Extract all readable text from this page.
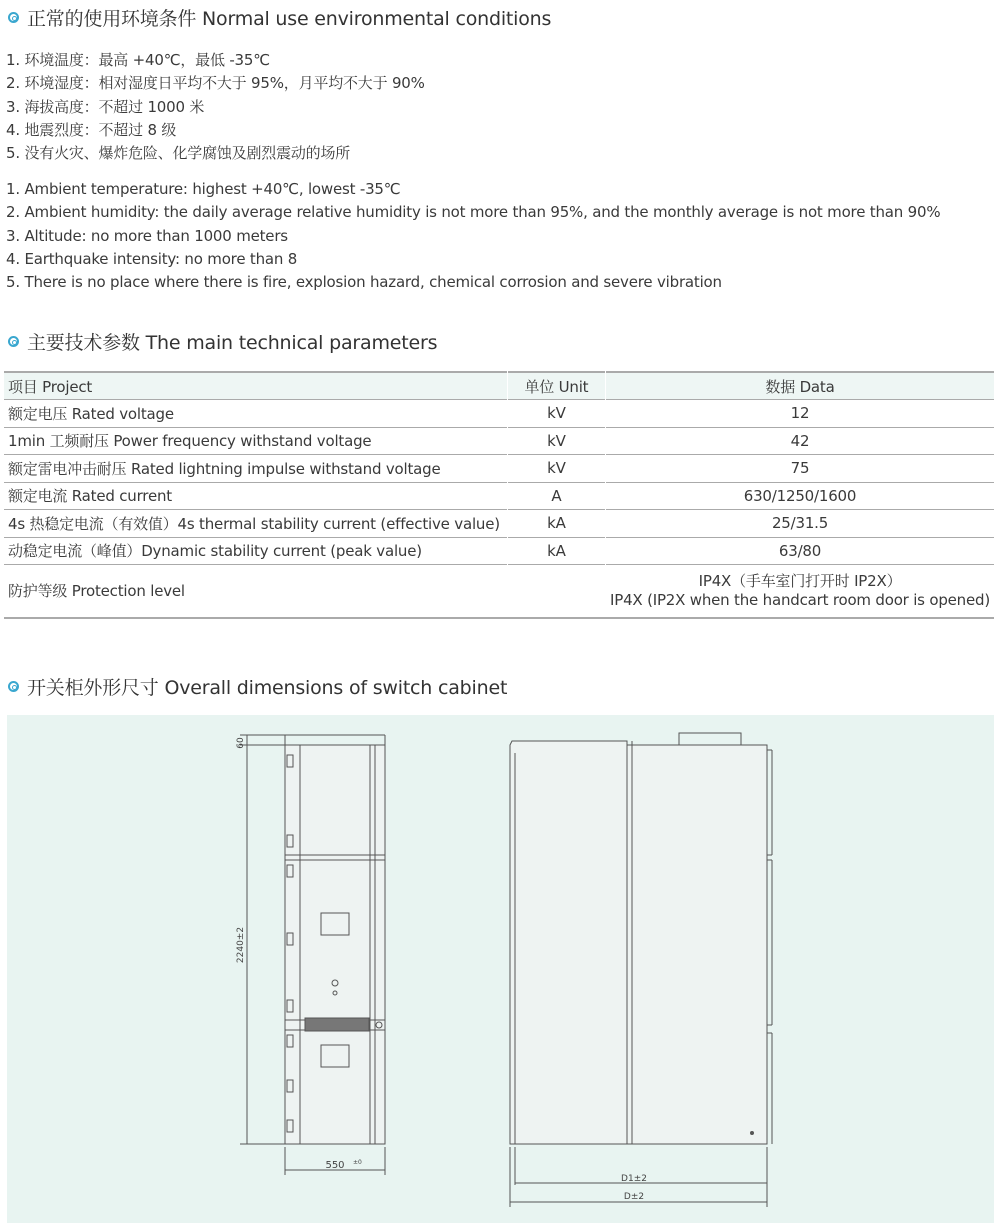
正常的使用环境条件 Normal use environmental conditions
1. 环境温度：最高 +40℃，最低 -35℃
2. 环境湿度：相对湿度日平均不大于 95%，月平均不大于 90%
3. 海拔高度：不超过 1000 米
4. 地震烈度：不超过 8 级
5. 没有火灾、爆炸危险、化学腐蚀及剧烈震动的场所
1. Ambient temperature: highest +40℃, lowest -35℃
2. Ambient humidity: the daily average relative humidity is not more than 95%, and the monthly average is not more than 90%
3. Altitude: no more than 1000 meters
4. Earthquake intensity: no more than 8
5. There is no place where there is fire, explosion hazard, chemical corrosion and severe vibration
主要技术参数 The main technical parameters
项目 Project		单位 Unit		数据 Data
额定电压 Rated voltage		kV		12
1min 工频耐压 Power frequency withstand voltage		kV		42
额定雷电冲击耐压 Rated lightning impulse withstand voltage		kV		75
额定电流 Rated current		A		630/1250/1600
4s 热稳定电流（有效值）4s thermal stability current (effective value)		kA		25/31.5
动稳定电流（峰值）Dynamic stability current (peak value)		kA		63/80
防护等级 Protection level				IP4X（手车室门打开时 IP2X）
IP4X (IP2X when the handcart room door is opened)
开关柜外形尺寸 Overall dimensions of switch cabinet
60
2240±2
550 ±0
D1±2
D±2
